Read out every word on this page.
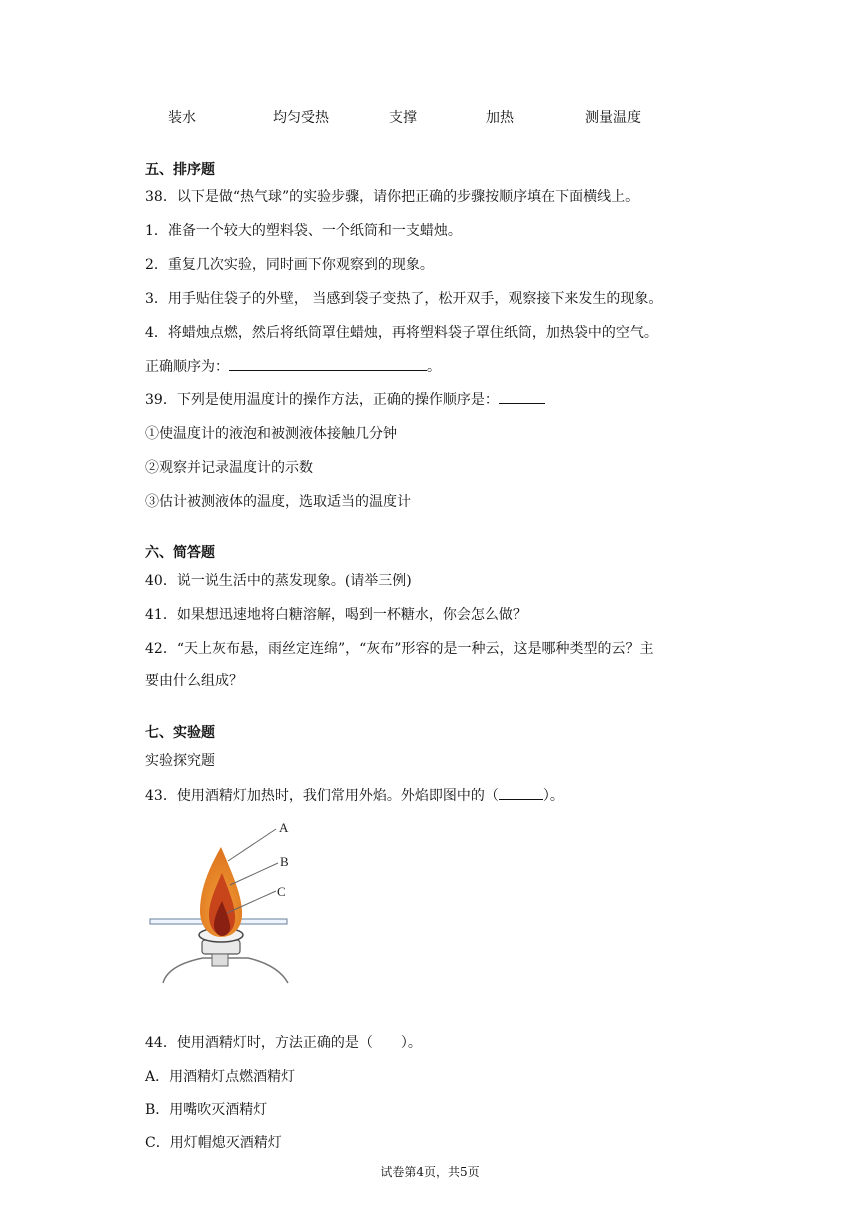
装水	均匀受热	支撑	加热	测量温度
五、排序题
38．以下是做“热气球”的实验步骤，请你把正确的步骤按顺序填在下面横线上。
1．准备一个较大的塑料袋、一个纸筒和一支蜡烛。
2．重复几次实验，同时画下你观察到的现象。
3．用手贴住袋子的外壁， 当感到袋子变热了，松开双手，观察接下来发生的现象。
4．将蜡烛点燃，然后将纸筒罩住蜡烛，再将塑料袋子罩住纸筒，加热袋中的空气。
正确顺序为：	。
39．下列是使用温度计的操作方法，正确的操作顺序是：
①使温度计的液泡和被测液体接触几分钟
②观察并记录温度计的示数
③估计被测液体的温度，选取适当的温度计
六、简答题
40．说一说生活中的蒸发现象。(请举三例)
41．如果想迅速地将白糖溶解，喝到一杯糖水，你会怎么做？
42．“天上灰布悬，雨丝定连绵”，“灰布”形容的是一种云，这是哪种类型的云？主
要由什么组成？
七、实验题
实验探究题
43．使用酒精灯加热时，我们常用外焰。外焰即图中的（	）。
A
B
C
44．使用酒精灯时，方法正确的是（　　）。
A．用酒精灯点燃酒精灯
B．用嘴吹灭酒精灯
C．用灯帽熄灭酒精灯
试卷第4页，共5页
